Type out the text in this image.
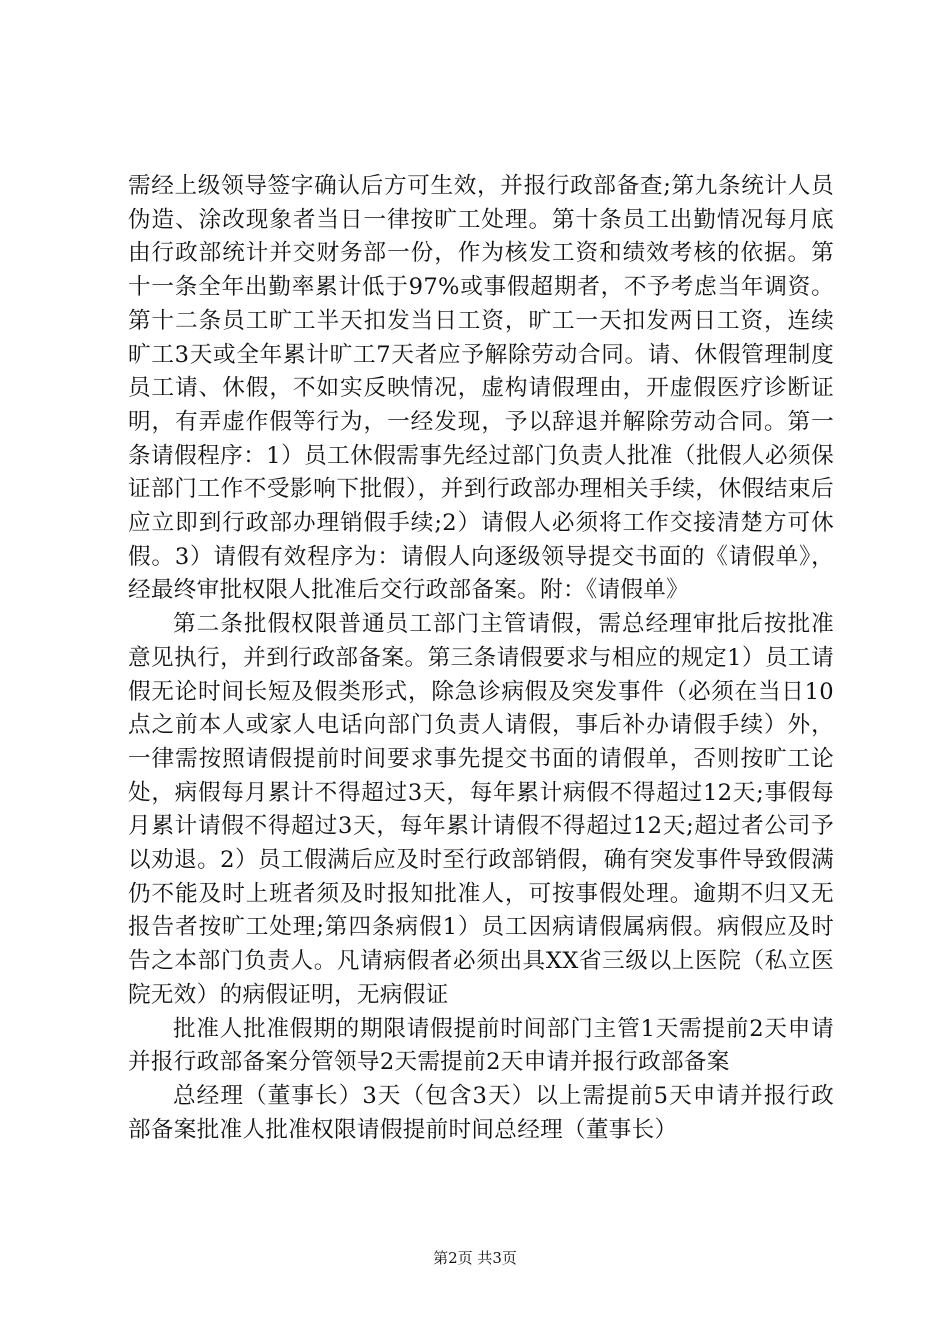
需经上级领导签字确认后方可生效，并报行政部备查;第九条统计人员伪造、涂改现象者当日一律按旷工处理。第十条员工出勤情况每月底由行政部统计并交财务部一份，作为核发工资和绩效考核的依据。第十一条全年出勤率累计低于97%或事假超期者，不予考虑当年调资。第十二条员工旷工半天扣发当日工资，旷工一天扣发两日工资，连续旷工3天或全年累计旷工7天者应予解除劳动合同。请、休假管理制度员工请、休假，不如实反映情况，虚构请假理由，开虚假医疗诊断证明，有弄虚作假等行为，一经发现，予以辞退并解除劳动合同。第一条请假程序：1）员工休假需事先经过部门负责人批准（批假人必须保证部门工作不受影响下批假），并到行政部办理相关手续，休假结束后应立即到行政部办理销假手续;2）请假人必须将工作交接清楚方可休假。3）请假有效程序为：请假人向逐级领导提交书面的《请假单》，经最终审批权限人批准后交行政部备案。附：《请假单》

第二条批假权限普通员工部门主管请假，需总经理审批后按批准意见执行，并到行政部备案。第三条请假要求与相应的规定1）员工请假无论时间长短及假类形式，除急诊病假及突发事件（必须在当日10点之前本人或家人电话向部门负责人请假，事后补办请假手续）外，一律需按照请假提前时间要求事先提交书面的请假单，否则按旷工论处，病假每月累计不得超过3天，每年累计病假不得超过12天;事假每月累计请假不得超过3天，每年累计请假不得超过12天;超过者公司予以劝退。2）员工假满后应及时至行政部销假，确有突发事件导致假满仍不能及时上班者须及时报知批准人，可按事假处理。逾期不归又无报告者按旷工处理;第四条病假1）员工因病请假属病假。病假应及时告之本部门负责人。凡请病假者必须出具XX省三级以上医院（私立医院无效）的病假证明，无病假证

批准人批准假期的期限请假提前时间部门主管1天需提前2天申请并报行政部备案分管领导2天需提前2天申请并报行政部备案

总经理（董事长）3天（包含3天）以上需提前5天申请并报行政部备案批准人批准权限请假提前时间总经理（董事长）

第2页 共3页
